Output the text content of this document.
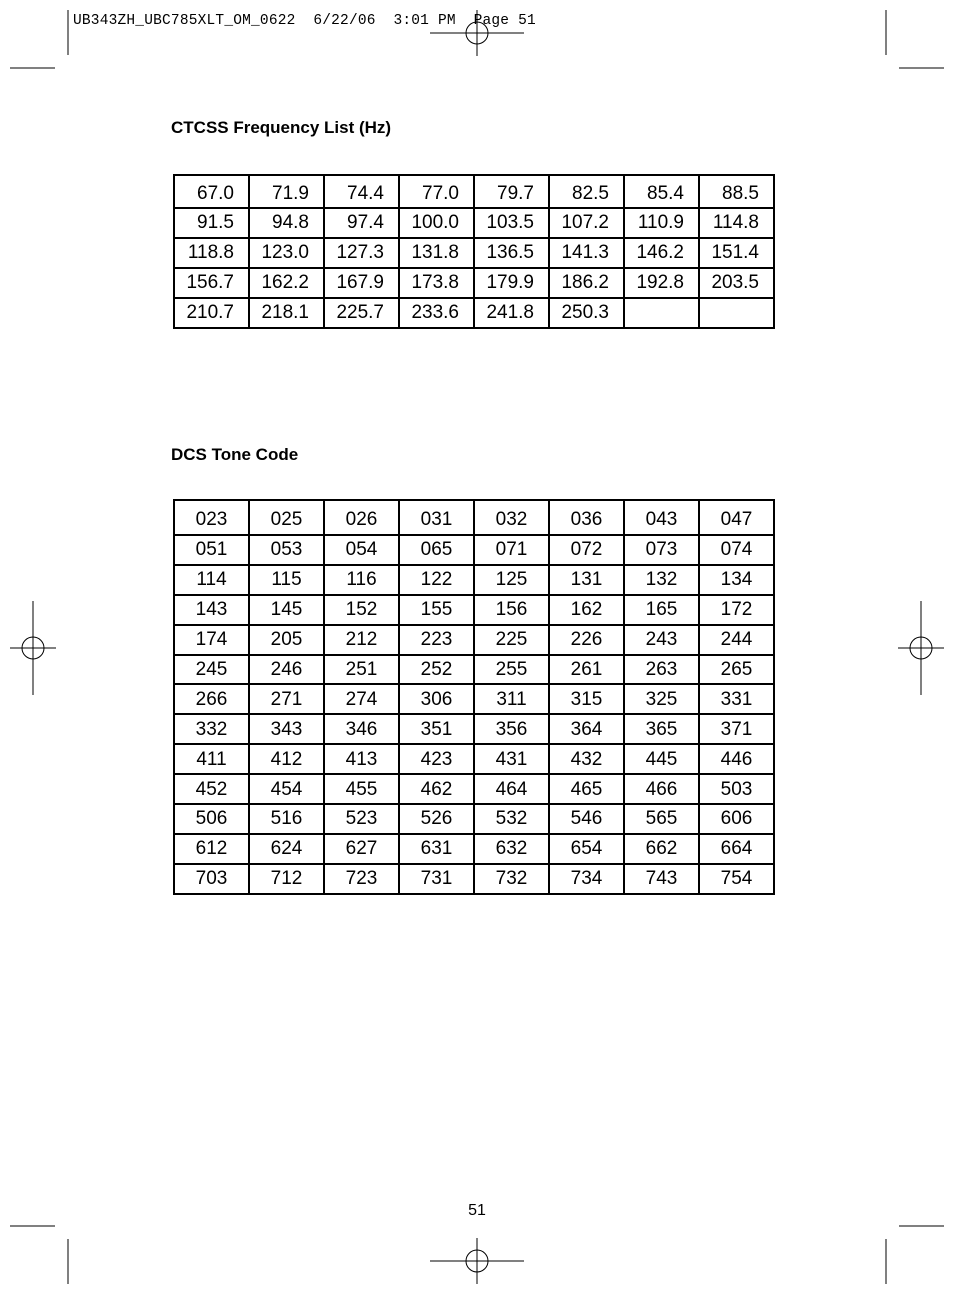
UB343ZH_UBC785XLT_OM_0622  6/22/06  3:01 PM  Page 51
CTCSS Frequency List (Hz)
67.0	71.9	74.4	77.0	79.7	82.5	85.4	88.5
91.5	94.8	97.4	100.0	103.5	107.2	110.9	114.8
118.8	123.0	127.3	131.8	136.5	141.3	146.2	151.4
156.7	162.2	167.9	173.8	179.9	186.2	192.8	203.5
210.7	218.1	225.7	233.6	241.8	250.3		
DCS Tone Code
023	025	026	031	032	036	043	047
051	053	054	065	071	072	073	074
114	115	116	122	125	131	132	134
143	145	152	155	156	162	165	172
174	205	212	223	225	226	243	244
245	246	251	252	255	261	263	265
266	271	274	306	311	315	325	331
332	343	346	351	356	364	365	371
411	412	413	423	431	432	445	446
452	454	455	462	464	465	466	503
506	516	523	526	532	546	565	606
612	624	627	631	632	654	662	664
703	712	723	731	732	734	743	754
51
